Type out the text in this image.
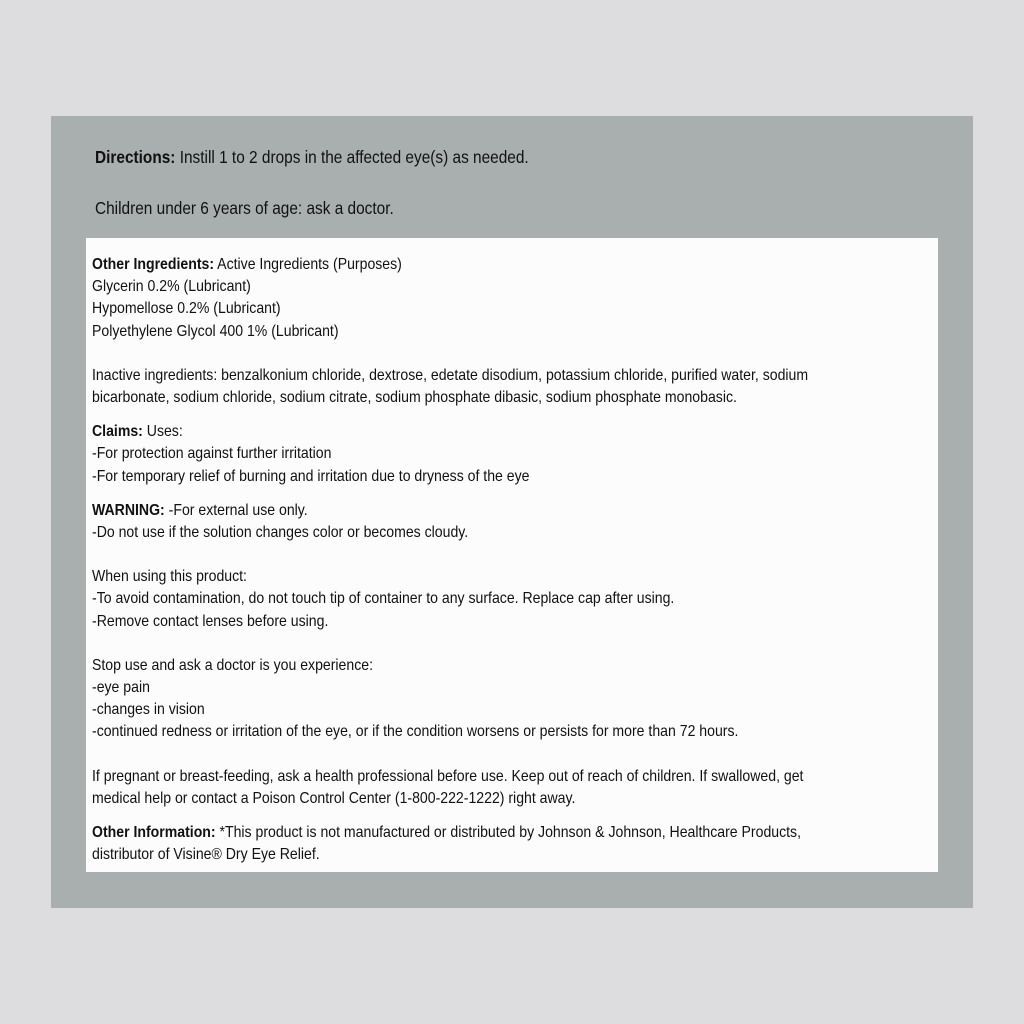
Directions: Instill 1 to 2 drops in the affected eye(s) as needed.
Children under 6 years of age: ask a doctor.

Other Ingredients: Active Ingredients (Purposes)

Glycerin 0.2% (Lubricant)

Hypomellose 0.2% (Lubricant)

Polyethylene Glycol 400 1% (Lubricant)

Inactive ingredients: benzalkonium chloride, dextrose, edetate disodium, potassium chloride, purified water, sodium

bicarbonate, sodium chloride, sodium citrate, sodium phosphate dibasic, sodium phosphate monobasic.

Claims: Uses:

-For protection against further irritation

-For temporary relief of burning and irritation due to dryness of the eye

WARNING: -For external use only.

-Do not use if the solution changes color or becomes cloudy.

When using this product:

-To avoid contamination, do not touch tip of container to any surface. Replace cap after using.

-Remove contact lenses before using.

Stop use and ask a doctor is you experience:

-eye pain

-changes in vision

-continued redness or irritation of the eye, or if the condition worsens or persists for more than 72 hours.

If pregnant or breast-feeding, ask a health professional before use. Keep out of reach of children. If swallowed, get

medical help or contact a Poison Control Center (1-800-222-1222) right away.

Other Information: *This product is not manufactured or distributed by Johnson & Johnson, Healthcare Products,

distributor of Visine® Dry Eye Relief.
